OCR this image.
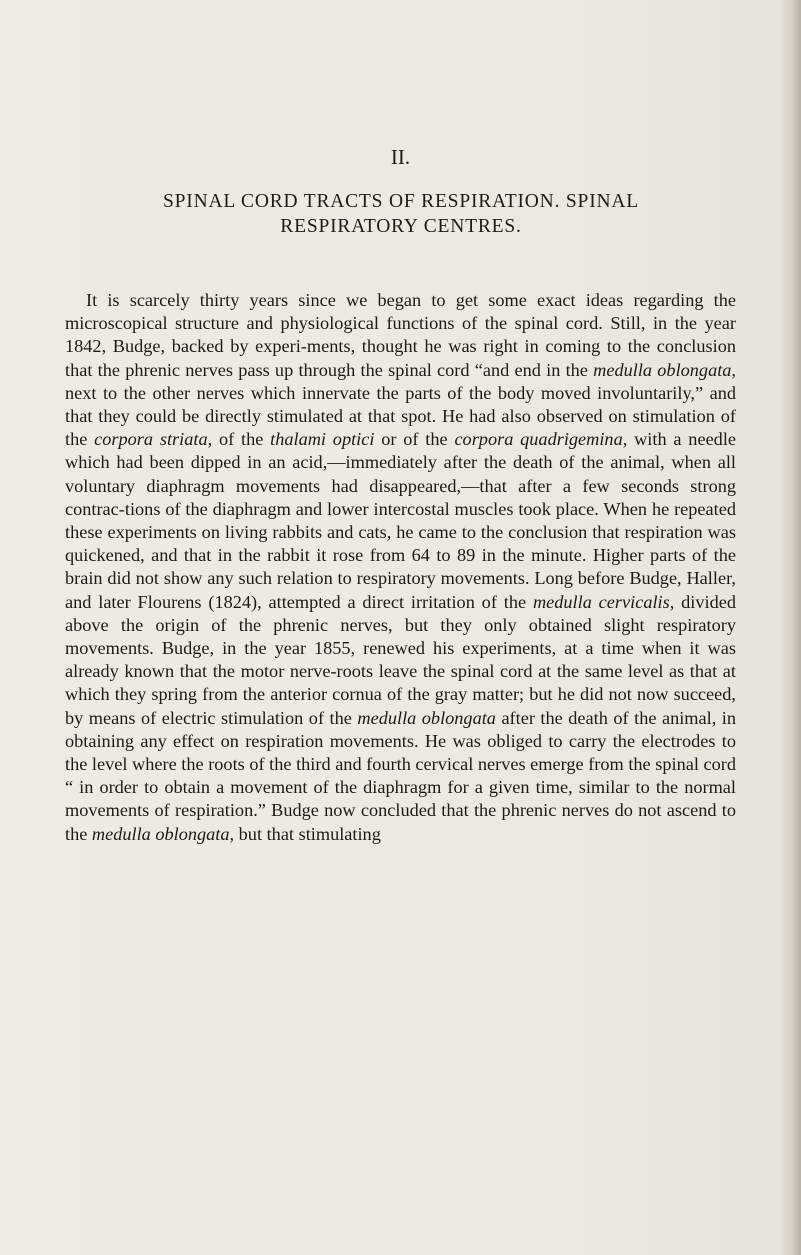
II.
SPINAL CORD TRACTS OF RESPIRATION. SPINAL RESPIRATORY CENTRES.

It is scarcely thirty years since we began to get some exact ideas regarding the microscopical structure and physiological functions of the spinal cord. Still, in the year 1842, Budge, backed by experi-ments, thought he was right in coming to the conclusion that the phrenic nerves pass up through the spinal cord “and end in the medulla oblongata, next to the other nerves which innervate the parts of the body moved involuntarily,” and that they could be directly stimulated at that spot. He had also observed on stimulation of the corpora striata, of the thalami optici or of the corpora quadrigemina, with a needle which had been dipped in an acid,—immediately after the death of the animal, when all voluntary diaphragm movements had disappeared,—that after a few seconds strong contrac-tions of the diaphragm and lower intercostal muscles took place. When he repeated these experiments on living rabbits and cats, he came to the conclusion that respiration was quickened, and that in the rabbit it rose from 64 to 89 in the minute. Higher parts of the brain did not show any such relation to respiratory movements. Long before Budge, Haller, and later Flourens (1824), attempted a direct irritation of the medulla cervicalis, divided above the origin of the phrenic nerves, but they only obtained slight respiratory movements. Budge, in the year 1855, renewed his experiments, at a time when it was already known that the motor nerve-roots leave the spinal cord at the same level as that at which they spring from the anterior cornua of the gray matter; but he did not now succeed, by means of electric stimulation of the medulla oblongata after the death of the animal, in obtaining any effect on respiration movements. He was obliged to carry the electrodes to the level where the roots of the third and fourth cervical nerves emerge from the spinal cord “ in order to obtain a movement of the diaphragm for a given time, similar to the normal movements of respiration.” Budge now concluded that the phrenic nerves do not ascend to the medulla oblongata, but that stimulating
